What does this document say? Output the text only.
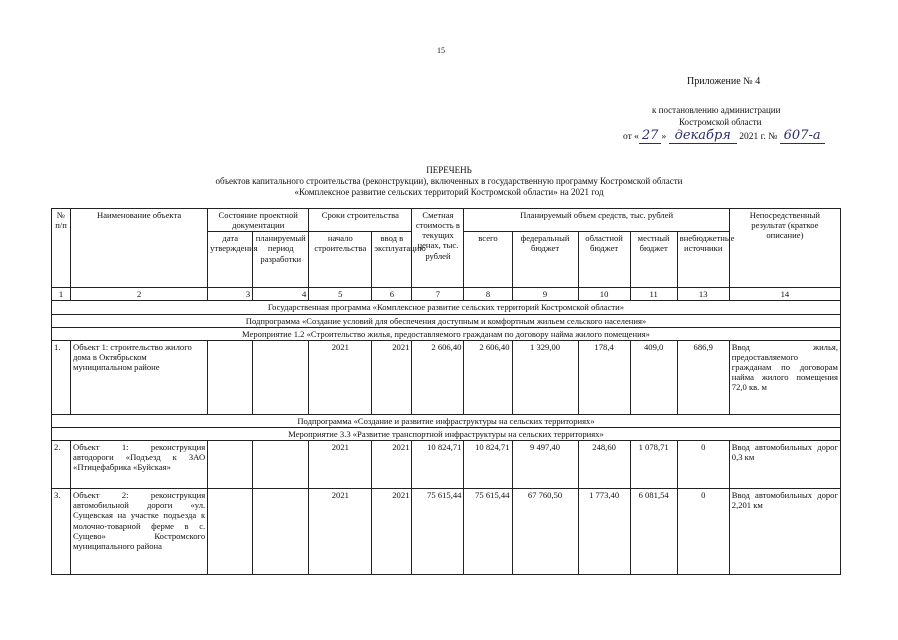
15
Приложение № 4
к постановлению администрации
Костромской области
от « 27 » декабря 2021 г. № 607-а
ПЕРЕЧЕНЬ
объектов капитального строительства (реконструкции), включенных в государственную программу Костромской области
«Комплексное развитие сельских территорий Костромской области» на 2021 год
№ п/п	Наименование объекта	Состояние проектной документации		Сроки строительства		Сметная стоимость в текущих ценах, тыс. рублей	Планируемый объем средств, тыс. рублей					Непосредственный результат (краткое описание)
		дата утверждения	планируемый период разработки	начало строительства	ввод в эксплуатацию		всего	федеральный бюджет	областной бюджет	местный бюджет	внебюджетные источники	
1	2	3	4	5	6	7	8	9	10	11	13	14
Государственная программа «Комплексное развитие сельских территорий Костромской области»												
Подпрограмма «Создание условий для обеспечения доступным и комфортным жильем сельского населения»												
Мероприятие 1.2 «Строительство жилья, предоставляемого гражданам по договору найма жилого помещения»												
1.	Объект 1: строительство жилого дома в Октябрьском муниципальном районе			2021	2021	2 606,40	2 606,40	1 329,00	178,4	409,0	686,9	Ввод жилья, предоставляемого гражданам по договорам найма жилого помещения 72,0 кв. м
Подпрограмма «Создание и развитие инфраструктуры на сельских территориях»												
Мероприятие 3.3 «Развитие транспортной инфраструктуры на сельских территориях»												
2.	Объект 1: реконструкция автодороги «Подъезд к ЗАО «Птицефабрика «Буйская»			2021	2021	10 824,71	10 824,71	9 497,40	248,60	1 078,71	0	Ввод автомобильных дорог 0,3 км
3.	Объект 2: реконструкция автомобильной дороги «ул. Сущевская на участке подъезда к молочно-товарной ферме в с. Сущево» Костромского муниципального района			2021	2021	75 615,44	75 615,44	67 760,50	1 773,40	6 081,54	0	Ввод автомобильных дорог 2,201 км
